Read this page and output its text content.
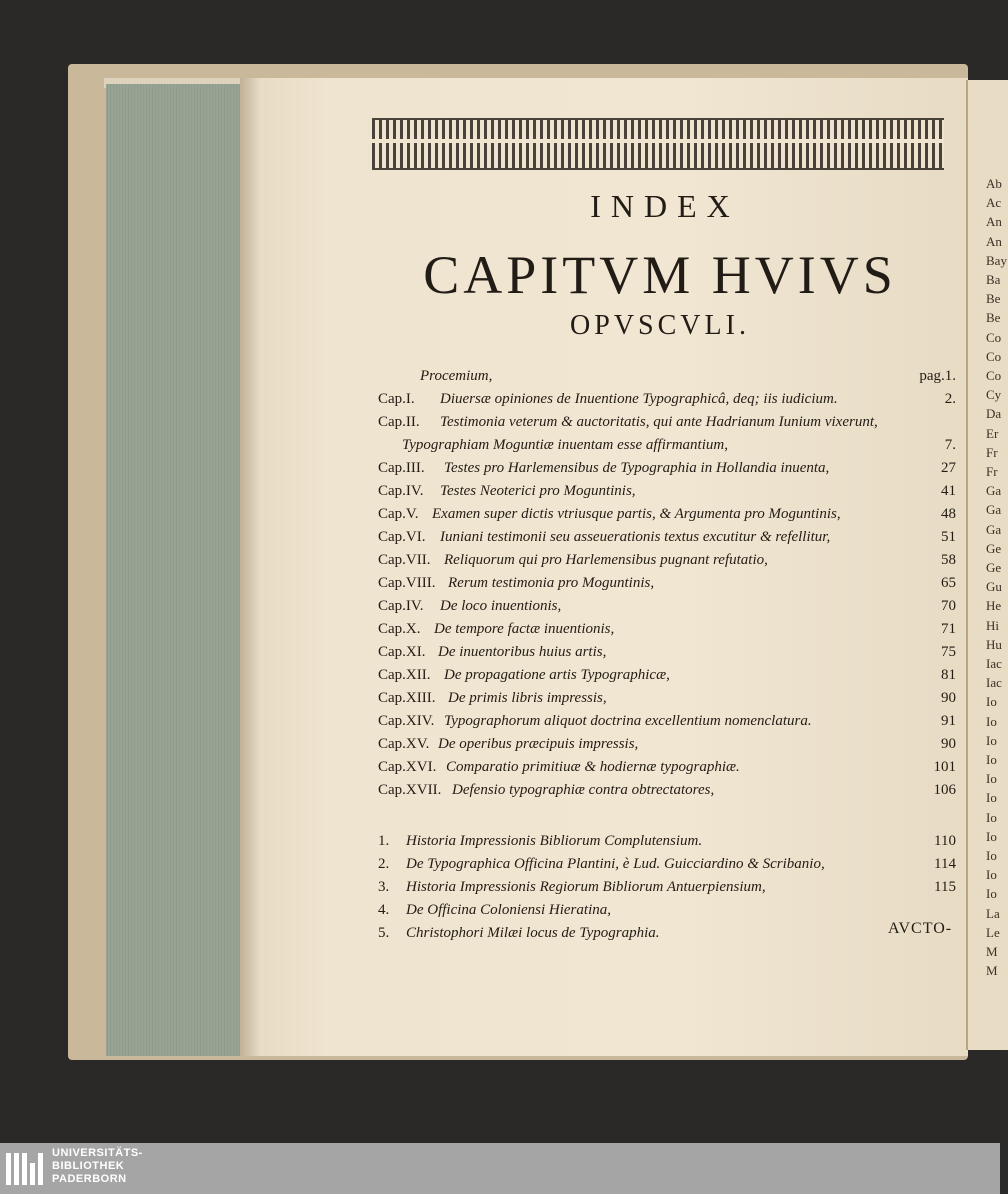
Ab
Ac
An
An
Bay
Ba
Be
Be
Co
Co
Co
Cy
Da
Er
Fr
Fr
Ga
Ga
Ga
Ge
Ge
Gu
He
Hi
Hu
Iac
Iac
Io
Io
Io
Io
Io
Io
Io
Io
Io
Io
Io
La
Le
M
M
INDEX
CAPITVM HVIVS
OPVSCVLI.
Procemium,	pag.1.
Cap.I. Diuersæ opiniones de Inuentione Typographicâ, deq; iis iudicium.	2.
Cap.II. Testimonia veterum & auctoritatis, qui ante Hadrianum Iunium vixerunt,
Typographiam Moguntiæ inuentam esse affirmantium,	7.
Cap.III. Testes pro Harlemensibus de Typographia in Hollandia inuenta,	27
Cap.IV. Testes Neoterici pro Moguntinis,	41
Cap.V. Examen super dictis vtriusque partis, & Argumenta pro Moguntinis,	48
Cap.VI. Iuniani testimonii seu asseuerationis textus excutitur & refellitur,	51
Cap.VII. Reliquorum qui pro Harlemensibus pugnant refutatio,	58
Cap.VIII. Rerum testimonia pro Moguntinis,	65
Cap.IV. De loco inuentionis,	70
Cap.X. De tempore factæ inuentionis,	71
Cap.XI. De inuentoribus huius artis,	75
Cap.XII. De propagatione artis Typographicæ,	81
Cap.XIII. De primis libris impressis,	90
Cap.XIV. Typographorum aliquot doctrina excellentium nomenclatura.	91
Cap.XV. De operibus præcipuis impressis,	90
Cap.XVI. Comparatio primitiuæ & hodiernæ typographiæ.	101
Cap.XVII. Defensio typographiæ contra obtrectatores,	106
1. Historia Impressionis Bibliorum Complutensium.	110
2. De Typographica Officina Plantini, è Lud. Guicciardino & Scribanio,	114
3. Historia Impressionis Regiorum Bibliorum Antuerpiensium,	115
4. De Officina Coloniensi Hieratina,
5. Christophori Milæi locus de Typographia.	AVCTO-
UNIVERSITÄTS-
BIBLIOTHEK
PADERBORN
